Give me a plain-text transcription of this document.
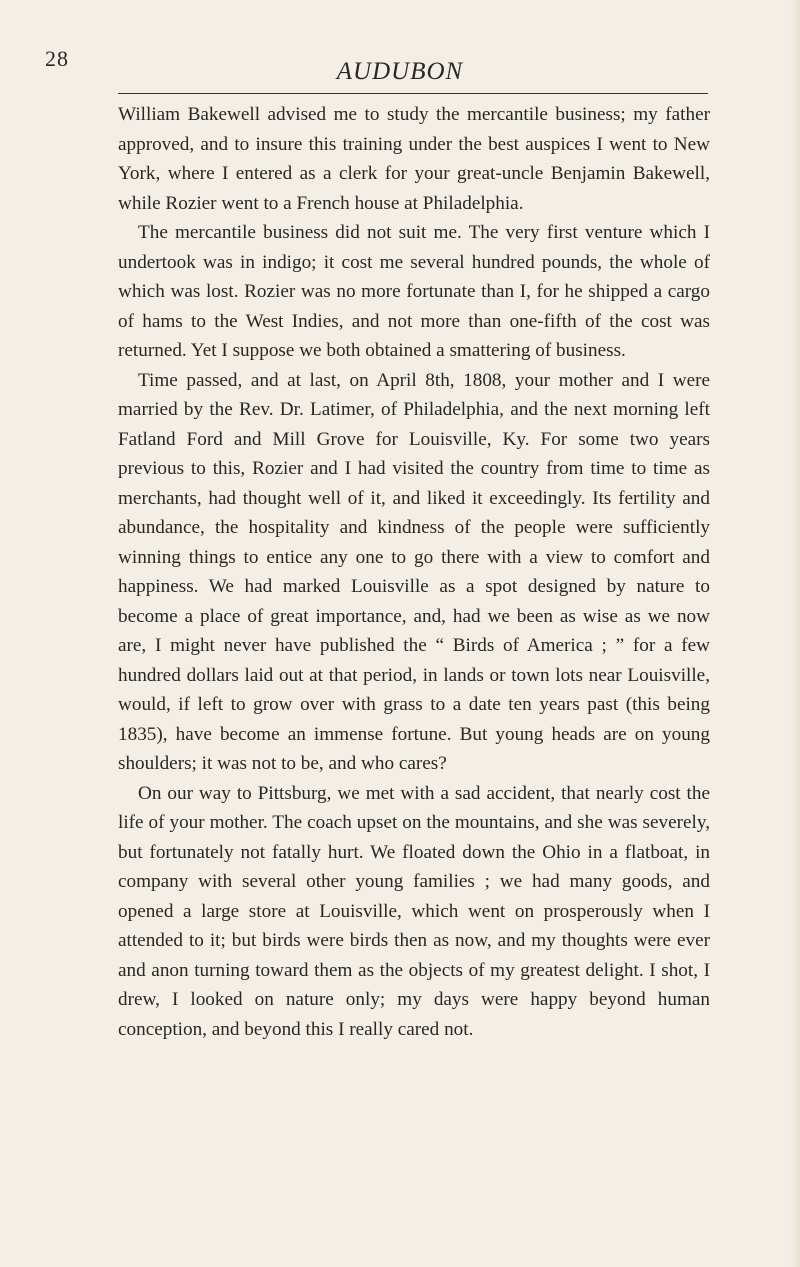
28	AUDUBON

William Bakewell advised me to study the mercantile business; my father approved, and to insure this training under the best auspices I went to New York, where I entered as a clerk for your great-uncle Benjamin Bakewell, while Rozier went to a French house at Philadelphia.

The mercantile business did not suit me. The very first venture which I undertook was in indigo; it cost me several hundred pounds, the whole of which was lost. Rozier was no more fortunate than I, for he shipped a cargo of hams to the West Indies, and not more than one-fifth of the cost was returned. Yet I suppose we both obtained a smattering of business.

Time passed, and at last, on April 8th, 1808, your mother and I were married by the Rev. Dr. Latimer, of Philadelphia, and the next morning left Fatland Ford and Mill Grove for Louisville, Ky. For some two years previous to this, Rozier and I had visited the country from time to time as merchants, had thought well of it, and liked it exceedingly. Its fertility and abundance, the hospitality and kindness of the people were sufficiently winning things to entice any one to go there with a view to comfort and happiness. We had marked Louisville as a spot designed by nature to become a place of great importance, and, had we been as wise as we now are, I might never have published the “ Birds of America ; ” for a few hundred dollars laid out at that period, in lands or town lots near Louisville, would, if left to grow over with grass to a date ten years past (this being 1835), have become an immense fortune. But young heads are on young shoulders; it was not to be, and who cares?

On our way to Pittsburg, we met with a sad accident, that nearly cost the life of your mother. The coach upset on the mountains, and she was severely, but fortunately not fatally hurt. We floated down the Ohio in a flatboat, in company with several other young families ; we had many goods, and opened a large store at Louisville, which went on prosperously when I attended to it; but birds were birds then as now, and my thoughts were ever and anon turning toward them as the objects of my greatest delight. I shot, I drew, I looked on nature only; my days were happy beyond human conception, and beyond this I really cared not.
